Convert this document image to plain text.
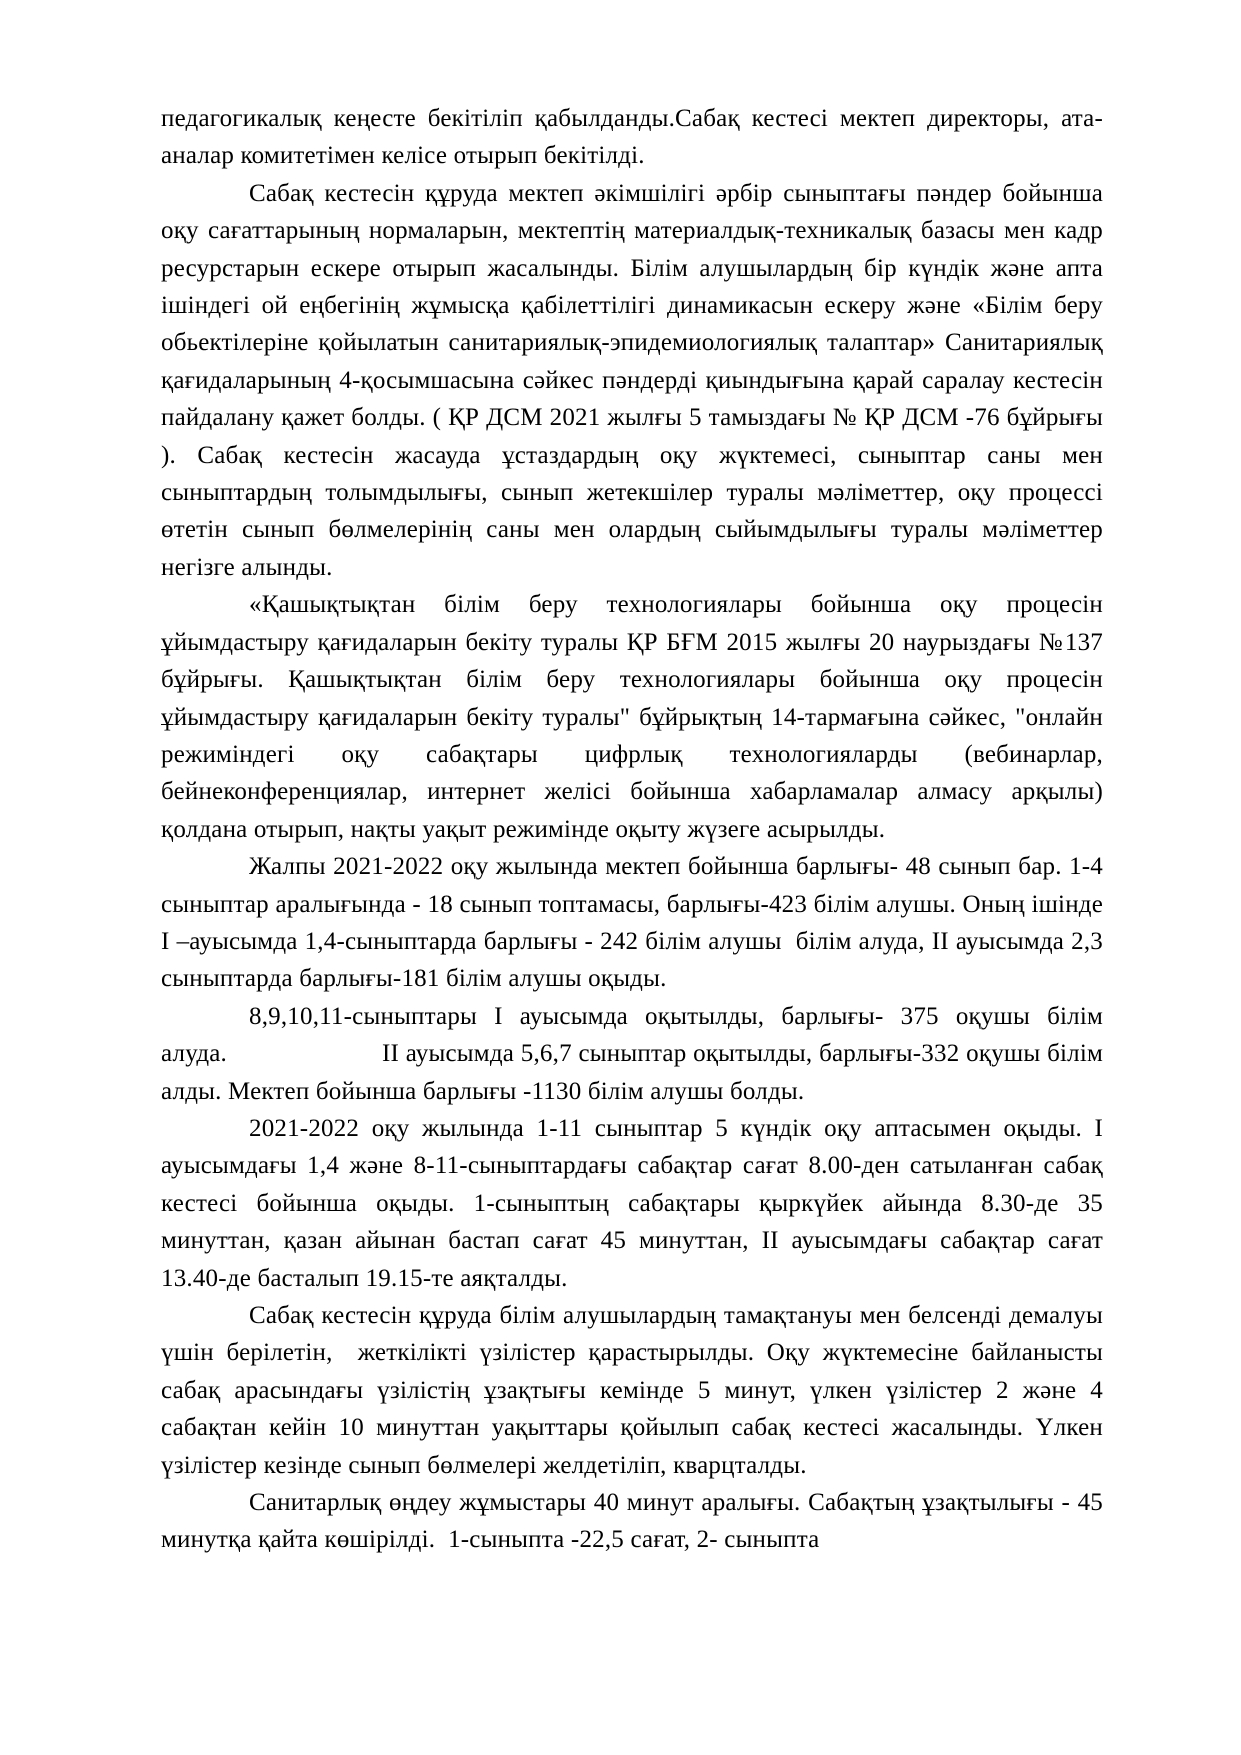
педагогикалық кеңесте бекітіліп қабылданды.Сабақ кестесі мектеп директоры, ата-аналар комитетімен келісе отырып бекітілді.

Сабақ кестесін құруда мектеп әкімшілігі әрбір сыныптағы пәндер бойынша оқу сағаттарының нормаларын, мектептің материалдық-техникалық базасы мен кадр ресурстарын ескере отырып жасалынды. Білім алушылардың бір күндік және апта ішіндегі ой еңбегінің жұмысқа қабілеттілігі динамикасын ескеру және «Білім беру обьектілеріне қойылатын санитариялық-эпидемиологиялық талаптар» Санитариялық қағидаларының 4-қосымшасына сәйкес пәндерді қиындығына қарай саралау кестесін пайдалану қажет болды. ( ҚР ДСМ 2021 жылғы 5 тамыздағы № ҚР ДСМ -76 бұйрығы ). Сабақ кестесін жасауда ұстаздардың оқу жүктемесі, сыныптар саны мен сыныптардың толымдылығы, сынып жетекшілер туралы мәліметтер, оқу процессі өтетін сынып бөлмелерінің саны мен олардың сыйымдылығы туралы мәліметтер негізге алынды.

«Қашықтықтан білім беру технологиялары бойынша оқу процесін ұйымдастыру қағидаларын бекіту туралы ҚР БҒМ 2015 жылғы 20 наурыздағы №137 бұйрығы. Қашықтықтан білім беру технологиялары бойынша оқу процесін ұйымдастыру қағидаларын бекіту туралы" бұйрықтың 14-тармағына сәйкес, "онлайн режиміндегі оқу сабақтары цифрлық технологияларды (вебинарлар, бейнеконференциялар, интернет желісі бойынша хабарламалар алмасу арқылы) қолдана отырып, нақты уақыт режимінде оқыту жүзеге асырылды.

Жалпы 2021-2022 оқу жылында мектеп бойынша барлығы- 48 сынып бар. 1-4 сыныптар аралығында - 18 сынып топтамасы, барлығы-423 білім алушы. Оның ішінде  І –ауысымда 1,4-сыныптарда барлығы - 242 білім алушы  білім алуда, ІІ ауысымда 2,3 сыныптарда барлығы-181 білім алушы оқыды.

8,9,10,11-сыныптары І ауысымда оқытылды, барлығы- 375 оқушы білім алуда.                       ІІ ауысымда 5,6,7 сыныптар оқытылды, барлығы-332 оқушы білім алды. Мектеп бойынша барлығы -1130 білім алушы болды.

2021-2022 оқу жылында 1-11 сыныптар 5 күндік оқу аптасымен оқыды. І ауысымдағы 1,4 және 8-11-сыныптардағы сабақтар сағат 8.00-ден сатыланған сабақ кестесі бойынша оқыды. 1-сыныптың сабақтары қыркүйек айында 8.30-де 35 минуттан, қазан айынан бастап сағат 45 минуттан, ІІ ауысымдағы сабақтар сағат 13.40-де басталып 19.15-те аяқталды.

Сабақ кестесін құруда білім алушылардың тамақтануы мен белсенді демалуы үшін берілетін,  жеткілікті үзілістер қарастырылды. Оқу жүктемесіне байланысты сабақ арасындағы үзілістің ұзақтығы кемінде 5 минут, үлкен үзілістер 2 және 4 сабақтан кейін 10 минуттан уақыттары қойылып сабақ кестесі жасалынды. Үлкен үзілістер кезінде сынып бөлмелері желдетіліп, кварцталды.

Санитарлық өңдеу жұмыстары 40 минут аралығы. Сабақтың ұзақтылығы - 45 минутқа қайта көшірілді.  1-сыныпта -22,5 сағат, 2- сыныпта
